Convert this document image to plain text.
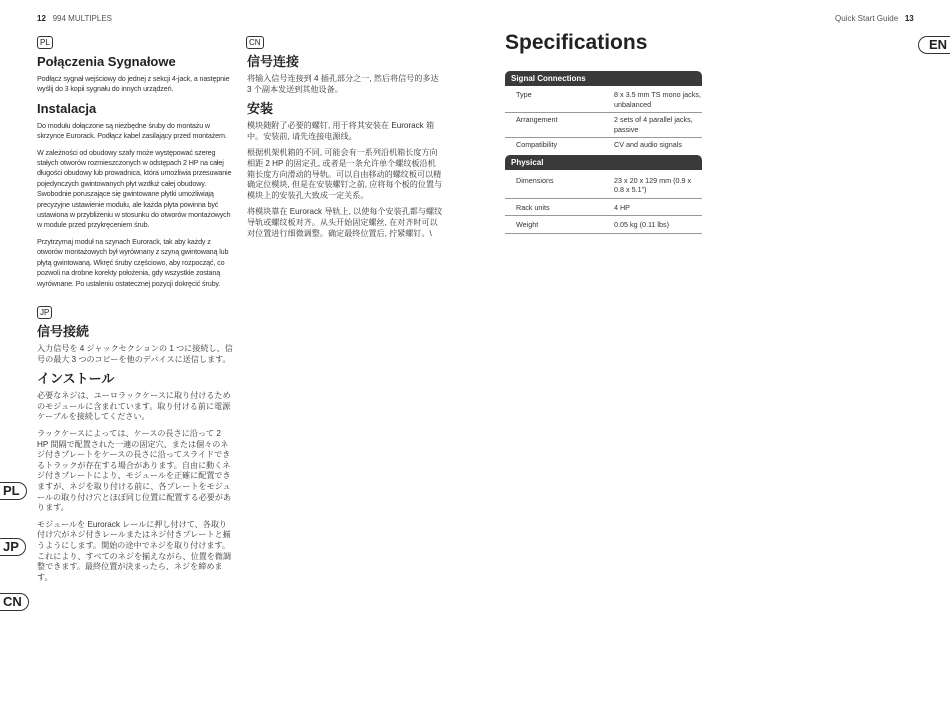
12 994 MULTIPLES	Quick Start Guide 13
PL
Połączenia Sygnałowe

Podłącz sygnał wejściowy do jednej z sekcji 4-jack, a następnie wyślij do 3 kopii sygnału do innych urządzeń.

Instalacja

Do modułu dołączone są niezbędne śruby do montażu w skrzynce Eurorack. Podłącz kabel zasilający przed montażem.

W zależności od obudowy szafy może występować szereg stałych otworów rozmieszczonych w odstępach 2 HP na całej długości obudowy lub prowadnica, która umożliwia przesuwanie pojedynczych gwintowanych płyt wzdłuż całej obudowy. Swobodnie poruszające się gwintowane płytki umożliwiają precyzyjne ustawienie modułu, ale każda płyta powinna być ustawiona w przybliżeniu w stosunku do otworów montażowych w module przed przykręceniem śrub.

Przytrzymaj moduł na szynach Eurorack, tak aby każdy z otworów montażowych był wyrównany z szyną gwintowaną lub płytą gwintowaną. Wkręć śruby częściowo, aby rozpocząć, co pozwoli na drobne korekty położenia, gdy wszystkie zostaną wyrównane. Po ustaleniu ostatecznej pozycji dokręcić śruby.

JP
信号接続

入力信号を 4 ジャックセクションの 1 つに接続し、信号の最大 3 つのコピーを他のデバイスに送信します。

インストール

必要なネジは、ユーロラックケースに取り付けるためのモジュールに含まれています。取り付ける前に電源ケーブルを接続してください。

ラックケースによっては、ケースの長さに沿って 2 HP 間隔で配置された一連の固定穴、または個々のネジ付きプレートをケースの長さに沿ってスライドできるトラックが存在する場合があります。自由に動くネジ付きプレートにより、モジュールを正確に配置できますが、ネジを取り付ける前に、各プレートをモジュールの取り付け穴とほぼ同じ位置に配置する必要があります。

モジュールを Eurorack レールに押し付けて、各取り付け穴がネジ付きレールまたはネジ付きプレートと揃うようにします。開始の途中でネジを取り付けます。これにより、すべてのネジを揃えながら、位置を微調整できます。最終位置が決まったら、ネジを締めます。

CN
信号连接

将输入信号连接到 4 插孔部分之一, 然后将信号的多达 3 个副本发送到其他设备。

安装

模块随附了必要的螺钉, 用于将其安装在 Eurorack 箱中。安装前, 请先连接电源线。

根据机架机箱的不同, 可能会有一系列沿机箱长度方向相距 2 HP 的固定孔, 或者是一条允许单个螺纹板沿机箱长度方向滑动的导轨。可以自由移动的螺纹板可以精确定位模块, 但是在安装螺钉之前, 应将每个板的位置与模块上的安装孔大致成一定关系。

将模块靠在 Eurorack 导轨上, 以使每个安装孔都与螺纹导轨或螺纹板对齐。从头开始固定螺丝, 在对齐时可以对位置进行细微调整。确定最终位置后, 拧紧螺钉。\

PL
JP
CN
EN
Specifications
Signal Connections
Type	8 x 3.5 mm TS mono jacks, unbalanced
Arrangement	2 sets of 4 parallel jacks, passive
Compatibility	CV and audio signals
Physical
Dimensions	23 x 20 x 129 mm (0.9 x 0.8 x 5.1")
Rack units	4 HP
Weight	0.05 kg (0.11 lbs)
